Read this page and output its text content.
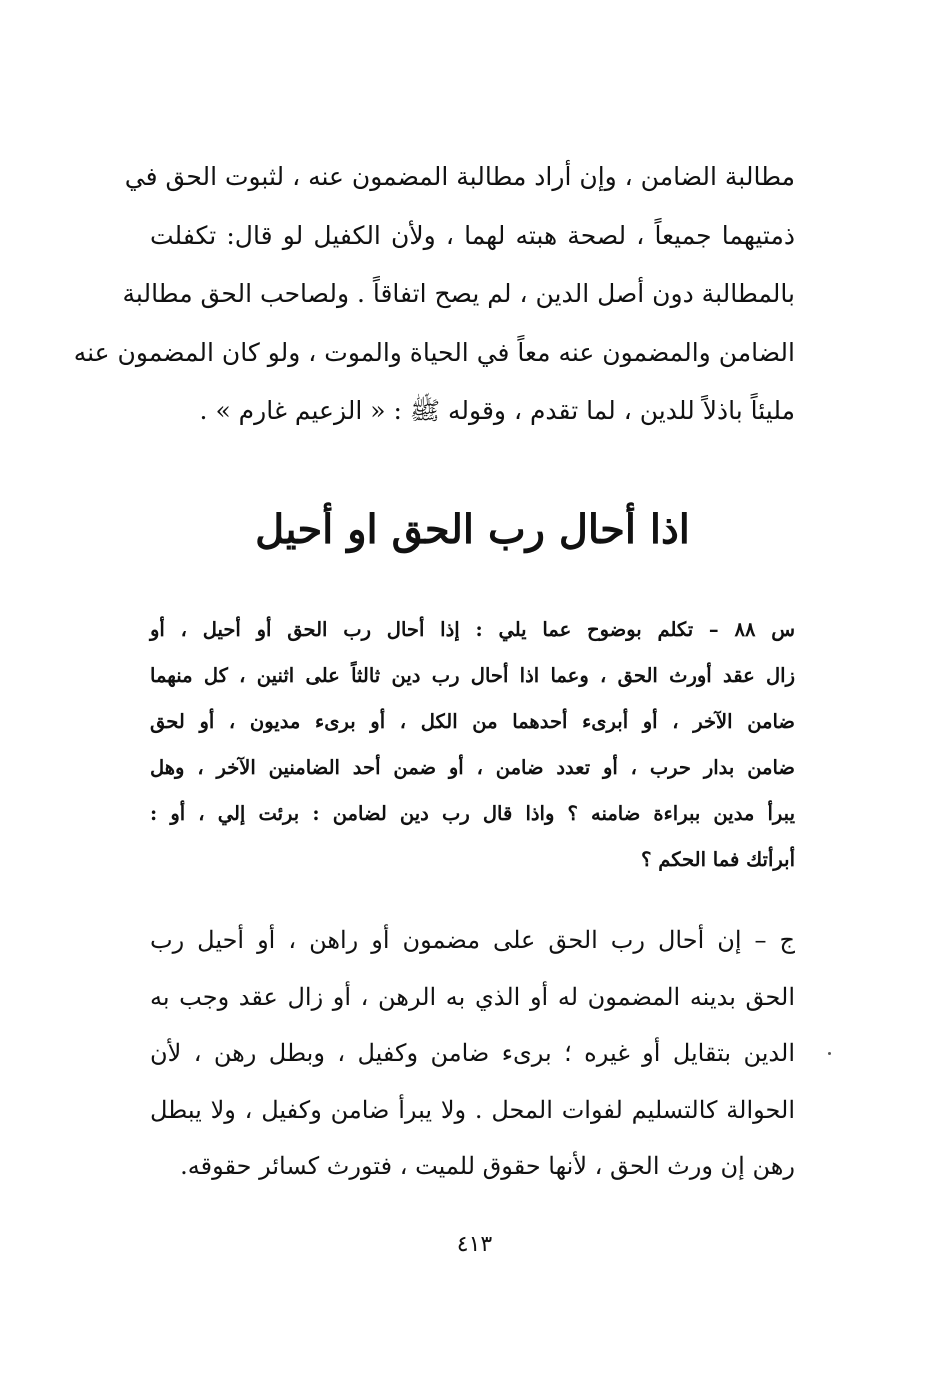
مطالبة الضامن ، وإن أراد مطالبة المضمون عنه ، لثبوت الحق في
ذمتيهما جميعاً ، لصحة هبته لهما ، ولأن الكفيل لو قال: تكفلت
بالمطالبة دون أصل الدين ، لم يصح اتفاقاً . ولصاحب الحق مطالبة
الضامن والمضمون عنه معاً في الحياة والموت ، ولو كان المضمون عنه
مليئاً باذلاً للدين ، لما تقدم ، وقوله ﷺ : « الزعيم غارم » .
اذا أحال رب الحق او أحيل
س ٨٨ – تكلم بوضوح عما يلي : إذا أحال رب الحق أو أحيل ، أو
زال عقد أورث الحق ، وعما اذا أحال رب دين ثالثاً على اثنين ، كل منهما
ضامن الآخر ، أو أبرىء أحدهما من الكل ، أو برىء مديون ، أو لحق
ضامن بدار حرب ، أو تعدد ضامن ، أو ضمن أحد الضامنين الآخر ، وهل
يبرأ مدين ببراءة ضامنه ؟ واذا قال رب دين لضامن : برئت إلي ، أو :
أبرأتك فما الحكم ؟
ج – إن أحال رب الحق على مضمون أو راهن ، أو أحيل رب
الحق بدينه المضمون له أو الذي به الرهن ، أو زال عقد وجب به
الدين بتقايل أو غيره ؛ برىء ضامن وكفيل ، وبطل رهن ، لأن
الحوالة كالتسليم لفوات المحل . ولا يبرأ ضامن وكفيل ، ولا يبطل
رهن إن ورث الحق ، لأنها حقوق للميت ، فتورث كسائر حقوقه.
٤١٣
